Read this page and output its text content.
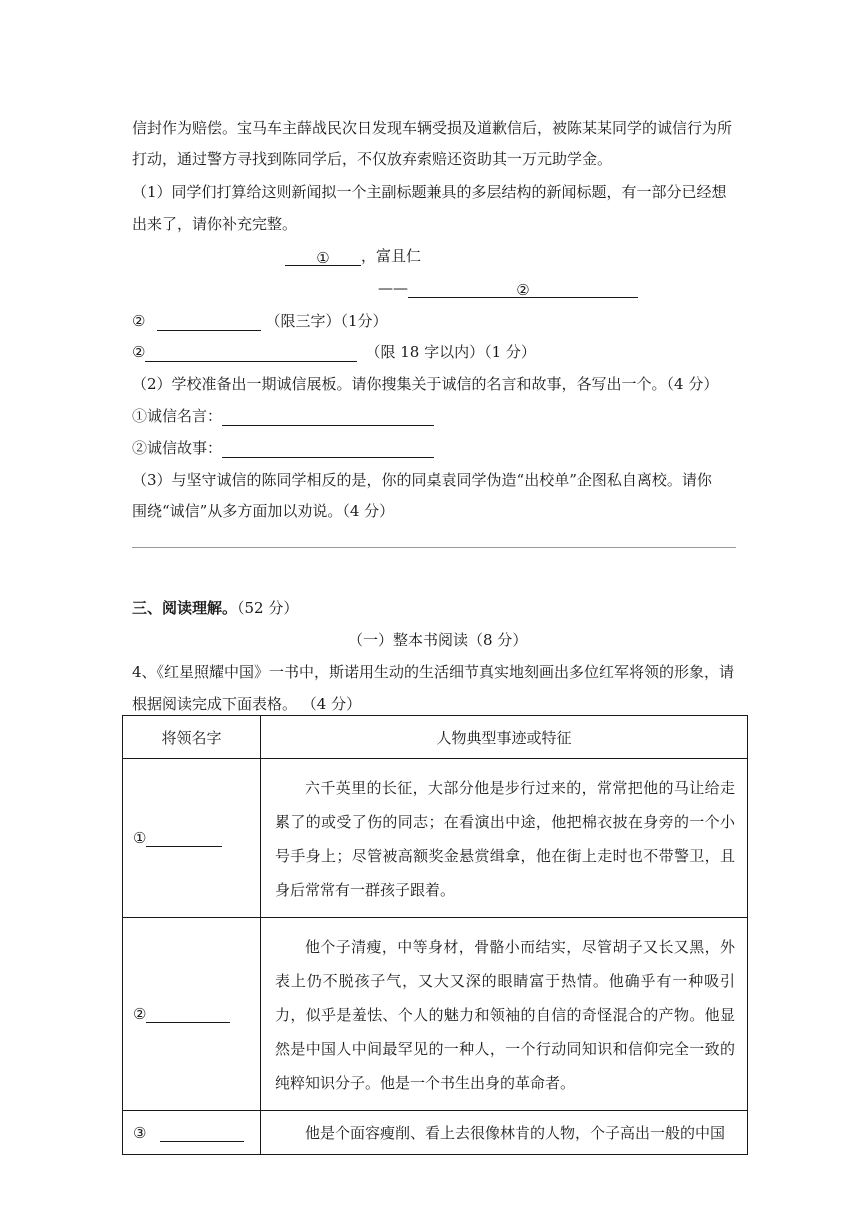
信封作为赔偿。宝马车主薛战民次日发现车辆受损及道歉信后，被陈某某同学的诚信行为所
打动，通过警方寻找到陈同学后，不仅放弃索赔还资助其一万元助学金。
（1）同学们打算给这则新闻拟一个主副标题兼具的多层结构的新闻标题，有一部分已经想
出来了，请你补充完整。
① ，富且仁
——	②
②	（限三字）（1分）
②	（限 18 字以内）（1 分）
（2）学校准备出一期诚信展板。请你搜集关于诚信的名言和故事，各写出一个。（4 分）
①诚信名言：
②诚信故事：
（3）与坚守诚信的陈同学相反的是，你的同桌袁同学伪造“出校单”企图私自离校。请你
围绕“诚信”从多方面加以劝说。（4 分）
三、阅读理解。（52 分）
（一）整本书阅读（8 分）
4、《红星照耀中国》一书中，斯诺用生动的生活细节真实地刻画出多位红军将领的形象，请
根据阅读完成下面表格。 （4 分）
将领名字	人物典型事迹或特征
①	六千英里的长征，大部分他是步行过来的，常常把他的马让给走累了的或受了伤的同志；在看演出中途，他把棉衣披在身旁的一个小号手身上；尽管被高额奖金悬赏缉拿，他在街上走时也不带警卫，且身后常常有一群孩子跟着。
②	他个子清瘦，中等身材，骨骼小而结实，尽管胡子又长又黑，外表上仍不脱孩子气，又大又深的眼睛富于热情。他确乎有一种吸引力，似乎是羞怯、个人的魅力和领袖的自信的奇怪混合的产物。他显然是中国人中间最罕见的一种人，一个行动同知识和信仰完全一致的纯粹知识分子。他是一个书生出身的革命者。
③	他是个面容瘦削、看上去很像林肯的人物，个子高出一般的中国
